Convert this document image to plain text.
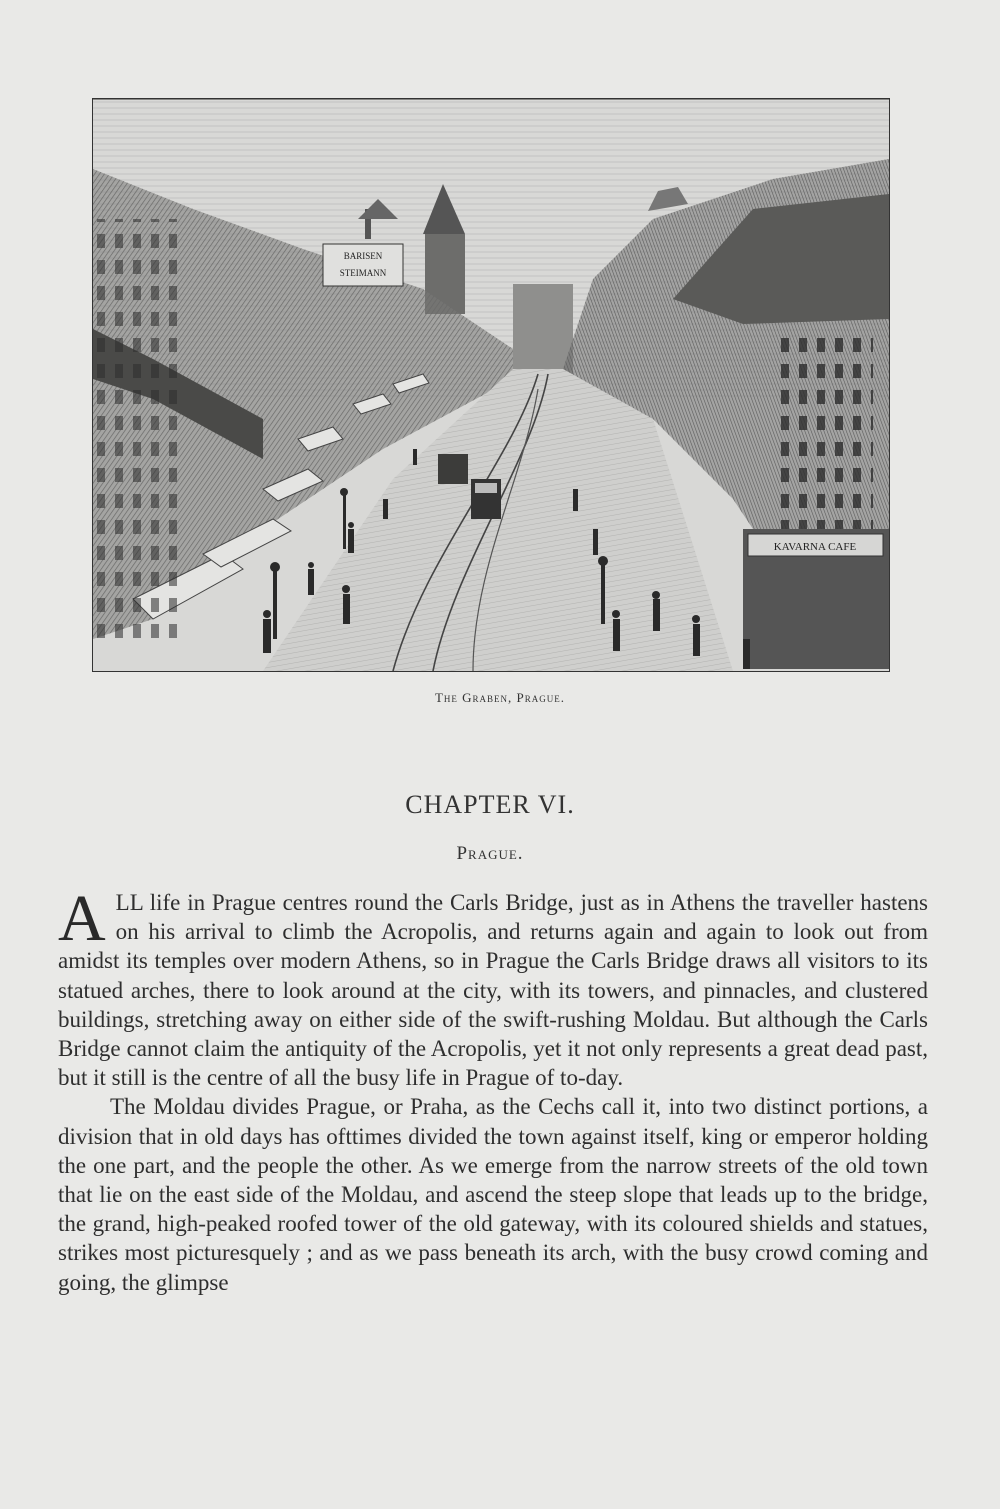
BARISEN
STEIMANN
KAVARNA CAFE
The Graben, Prague.
CHAPTER VI.
Prague.

ALL life in Prague centres round the Carls Bridge, just as in Athens the traveller hastens on his arrival to climb the Acropolis, and returns again and again to look out from amidst its temples over modern Athens, so in Prague the Carls Bridge draws all visitors to its statued arches, there to look around at the city, with its towers, and pinnacles, and clustered buildings, stretching away on either side of the swift-rushing Moldau. But although the Carls Bridge cannot claim the antiquity of the Acropolis, yet it not only represents a great dead past, but it still is the centre of all the busy life in Prague of to-day.

The Moldau divides Prague, or Praha, as the Cechs call it, into two distinct portions, a division that in old days has ofttimes divided the town against itself, king or emperor holding the one part, and the people the other. As we emerge from the narrow streets of the old town that lie on the east side of the Moldau, and ascend the steep slope that leads up to the bridge, the grand, high-peaked roofed tower of the old gateway, with its coloured shields and statues, strikes most picturesquely ; and as we pass beneath its arch, with the busy crowd coming and going, the glimpse
